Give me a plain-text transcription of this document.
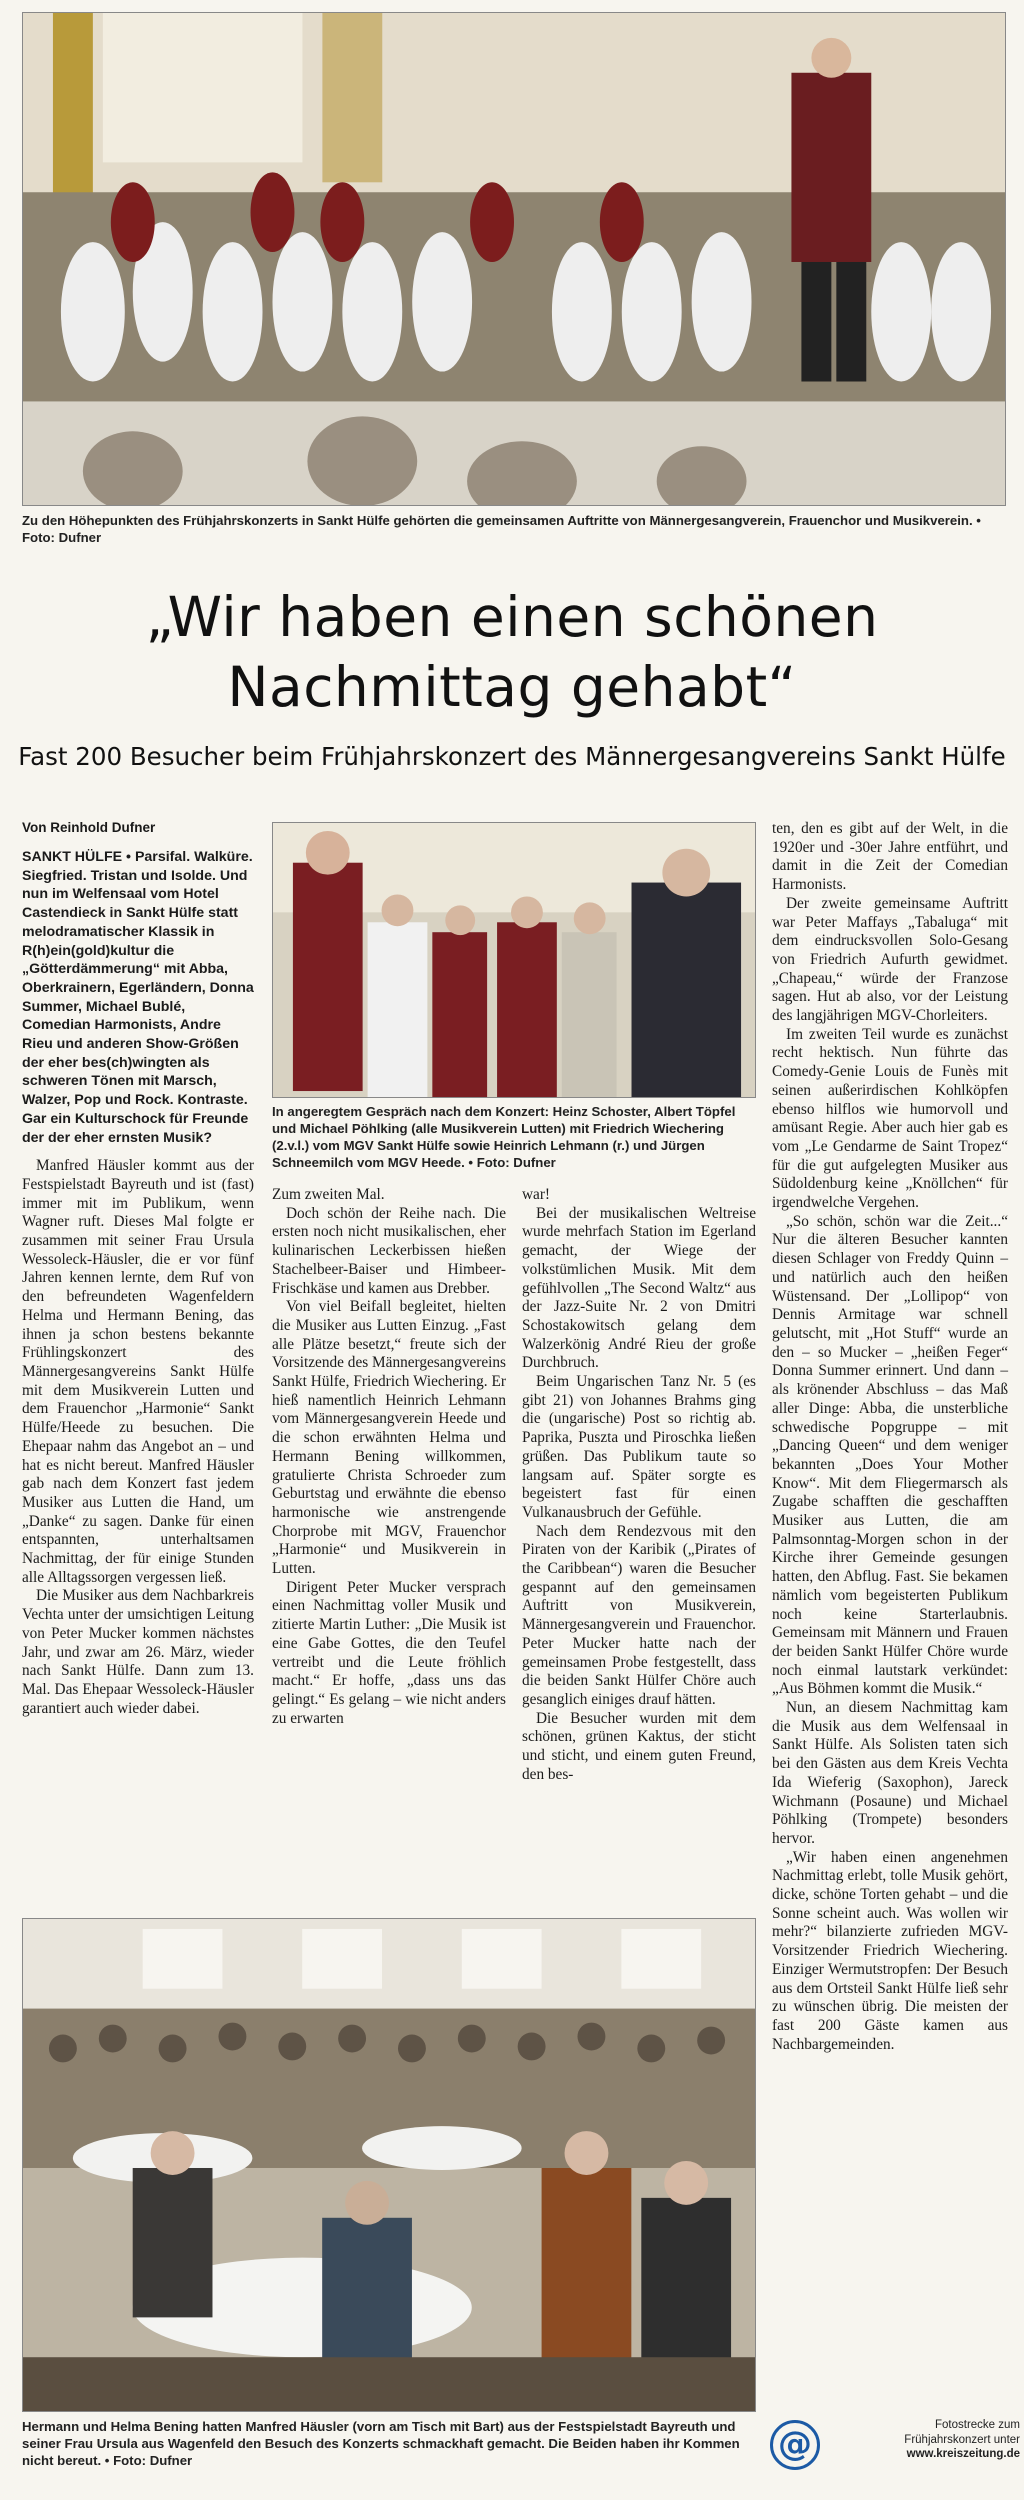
Zu den Höhepunkten des Frühjahrskonzerts in Sankt Hülfe gehörten die gemeinsamen Auftritte von Männergesangverein, Frauenchor und Musikverein. • Foto: Dufner
„Wir haben einen schönen
Nachmittag gehabt“
Fast 200 Besucher beim Frühjahrskonzert des Männergesangvereins Sankt Hülfe
Von Reinhold Dufner

SANKT HÜLFE • Parsifal. Walküre. Siegfried. Tristan und Isolde. Und nun im Welfensaal vom Hotel Castendieck in Sankt Hülfe statt melodramatischer Klassik in R(h)ein(gold)kultur die „Götterdämmerung“ mit Abba, Oberkrainern, Egerländern, Donna Summer, Michael Bublé, Comedian Harmonists, Andre Rieu und anderen Show-Größen der eher bes(ch)wingten als schweren Tönen mit Marsch, Walzer, Pop und Rock. Kontraste. Gar ein Kulturschock für Freunde der der eher ernsten Musik?

Manfred Häusler kommt aus der Festspielstadt Bayreuth und ist (fast) immer mit im Publikum, wenn Wagner ruft. Dieses Mal folgte er zusammen mit seiner Frau Ursula Wessoleck-Häusler, die er vor fünf Jahren kennen lernte, dem Ruf von den befreundeten Wagenfeldern Helma und Hermann Bening, das ihnen ja schon bestens bekannte Frühlingskonzert des Männergesangvereins Sankt Hülfe mit dem Musikverein Lutten und dem Frauenchor „Harmonie“ Sankt Hülfe/Heede zu besuchen. Die Ehepaar nahm das Angebot an – und hat es nicht bereut. Manfred Häusler gab nach dem Konzert fast jedem Musiker aus Lutten die Hand, um „Danke“ zu sagen. Danke für einen entspannten, unterhaltsamen Nachmittag, der für einige Stunden alle Alltagssorgen vergessen ließ.

Die Musiker aus dem Nachbarkreis Vechta unter der umsichtigen Leitung von Peter Mucker kommen nächstes Jahr, und zwar am 26. März, wieder nach Sankt Hülfe. Dann zum 13. Mal. Das Ehepaar Wessoleck-Häusler garantiert auch wieder dabei.

In angeregtem Gespräch nach dem Konzert: Heinz Schoster, Albert Töpfel und Michael Pöhlking (alle Musikverein Lutten) mit Friedrich Wiechering (2.v.l.) vom MGV Sankt Hülfe sowie Heinrich Lehmann (r.) und Jürgen Schneemilch vom MGV Heede. • Foto: Dufner

Zum zweiten Mal.

Doch schön der Reihe nach. Die ersten noch nicht musikalischen, eher kulinarischen Leckerbissen hießen Stachelbeer-Baiser und Himbeer-Frischkäse und kamen aus Drebber.

Von viel Beifall begleitet, hielten die Musiker aus Lutten Einzug. „Fast alle Plätze besetzt,“ freute sich der Vorsitzende des Männergesangvereins Sankt Hülfe, Friedrich Wiechering. Er hieß namentlich Heinrich Lehmann vom Männergesangverein Heede und die schon erwähnten Helma und Hermann Bening willkommen, gratulierte Christa Schroeder zum Geburtstag und erwähnte die ebenso harmonische wie anstrengende Chorprobe mit MGV, Frauenchor „Harmonie“ und Musikverein in Lutten.

Dirigent Peter Mucker versprach einen Nachmittag voller Musik und zitierte Martin Luther: „Die Musik ist eine Gabe Gottes, die den Teufel vertreibt und die Leute fröhlich macht.“ Er hoffe, „dass uns das gelingt.“ Es gelang – wie nicht anders zu erwarten

war!

Bei der musikalischen Weltreise wurde mehrfach Station im Egerland gemacht, der Wiege der volkstümlichen Musik. Mit dem gefühlvollen „The Second Waltz“ aus der Jazz-Suite Nr. 2 von Dmitri Schostakowitsch gelang dem Walzerkönig André Rieu der große Durchbruch.

Beim Ungarischen Tanz Nr. 5 (es gibt 21) von Johannes Brahms ging die (ungarische) Post so richtig ab. Paprika, Puszta und Piroschka ließen grüßen. Das Publikum taute so langsam auf. Später sorgte es begeistert fast für einen Vulkanausbruch der Gefühle.

Nach dem Rendezvous mit den Piraten von der Karibik („Pirates of the Caribbean“) waren die Besucher gespannt auf den gemeinsamen Auftritt von Musikverein, Männergesangverein und Frauenchor. Peter Mucker hatte nach der gemeinsamen Probe festgestellt, dass die beiden Sankt Hülfer Chöre auch gesanglich einiges drauf hätten.

Die Besucher wurden mit dem schönen, grünen Kaktus, der sticht und sticht, und einem guten Freund, den bes-

ten, den es gibt auf der Welt, in die 1920er und -30er Jahre entführt, und damit in die Zeit der Comedian Harmonists.

Der zweite gemeinsame Auftritt war Peter Maffays „Tabaluga“ mit dem eindrucksvollen Solo-Gesang von Friedrich Aufurth gewidmet. „Chapeau,“ würde der Franzose sagen. Hut ab also, vor der Leistung des langjährigen MGV-Chorleiters.

Im zweiten Teil wurde es zunächst recht hektisch. Nun führte das Comedy-Genie Louis de Funès mit seinen außerirdischen Kohlköpfen ebenso hilflos wie humorvoll und amüsant Regie. Aber auch hier gab es vom „Le Gendarme de Saint Tropez“ für die gut aufgelegten Musiker aus Südoldenburg keine „Knöllchen“ für irgendwelche Vergehen.

„So schön, schön war die Zeit...“ Nur die älteren Besucher kannten diesen Schlager von Freddy Quinn – und natürlich auch den heißen Wüstensand. Der „Lollipop“ von Dennis Armitage war schnell gelutscht, mit „Hot Stuff“ wurde an den – so Mucker – „heißen Feger“ Donna Summer erinnert. Und dann – als krönender Abschluss – das Maß aller Dinge: Abba, die unsterbliche schwedische Popgruppe – mit „Dancing Queen“ und dem weniger bekannten „Does Your Mother Know“. Mit dem Fliegermarsch als Zugabe schafften die geschafften Musiker aus Lutten, die am Palmsonntag-Morgen schon in der Kirche ihrer Gemeinde gesungen hatten, den Abflug. Fast. Sie bekamen nämlich vom begeisterten Publikum noch keine Starterlaubnis. Gemeinsam mit Männern und Frauen der beiden Sankt Hülfer Chöre wurde noch einmal lautstark verkündet: „Aus Böhmen kommt die Musik.“

Nun, an diesem Nachmittag kam die Musik aus dem Welfensaal in Sankt Hülfe. Als Solisten taten sich bei den Gästen aus dem Kreis Vechta Ida Wieferig (Saxophon), Jareck Wichmann (Posaune) und Michael Pöhlking (Trompete) besonders hervor.

„Wir haben einen angenehmen Nachmittag erlebt, tolle Musik gehört, dicke, schöne Torten gehabt – und die Sonne scheint auch. Was wollen wir mehr?“ bilanzierte zufrieden MGV-Vorsitzender Friedrich Wiechering. Einziger Wermutstropfen: Der Besuch aus dem Ortsteil Sankt Hülfe ließ sehr zu wünschen übrig. Die meisten der fast 200 Gäste kamen aus Nachbargemeinden.

Hermann und Helma Bening hatten Manfred Häusler (vorn am Tisch mit Bart) aus der Festspielstadt Bayreuth und seiner Frau Ursula aus Wagenfeld den Besuch des Konzerts schmackhaft gemacht. Die Beiden haben ihr Kommen nicht bereut. • Foto: Dufner	@	Fotostrecke zum
Frühjahrskonzert unter
www.kreiszeitung.de
